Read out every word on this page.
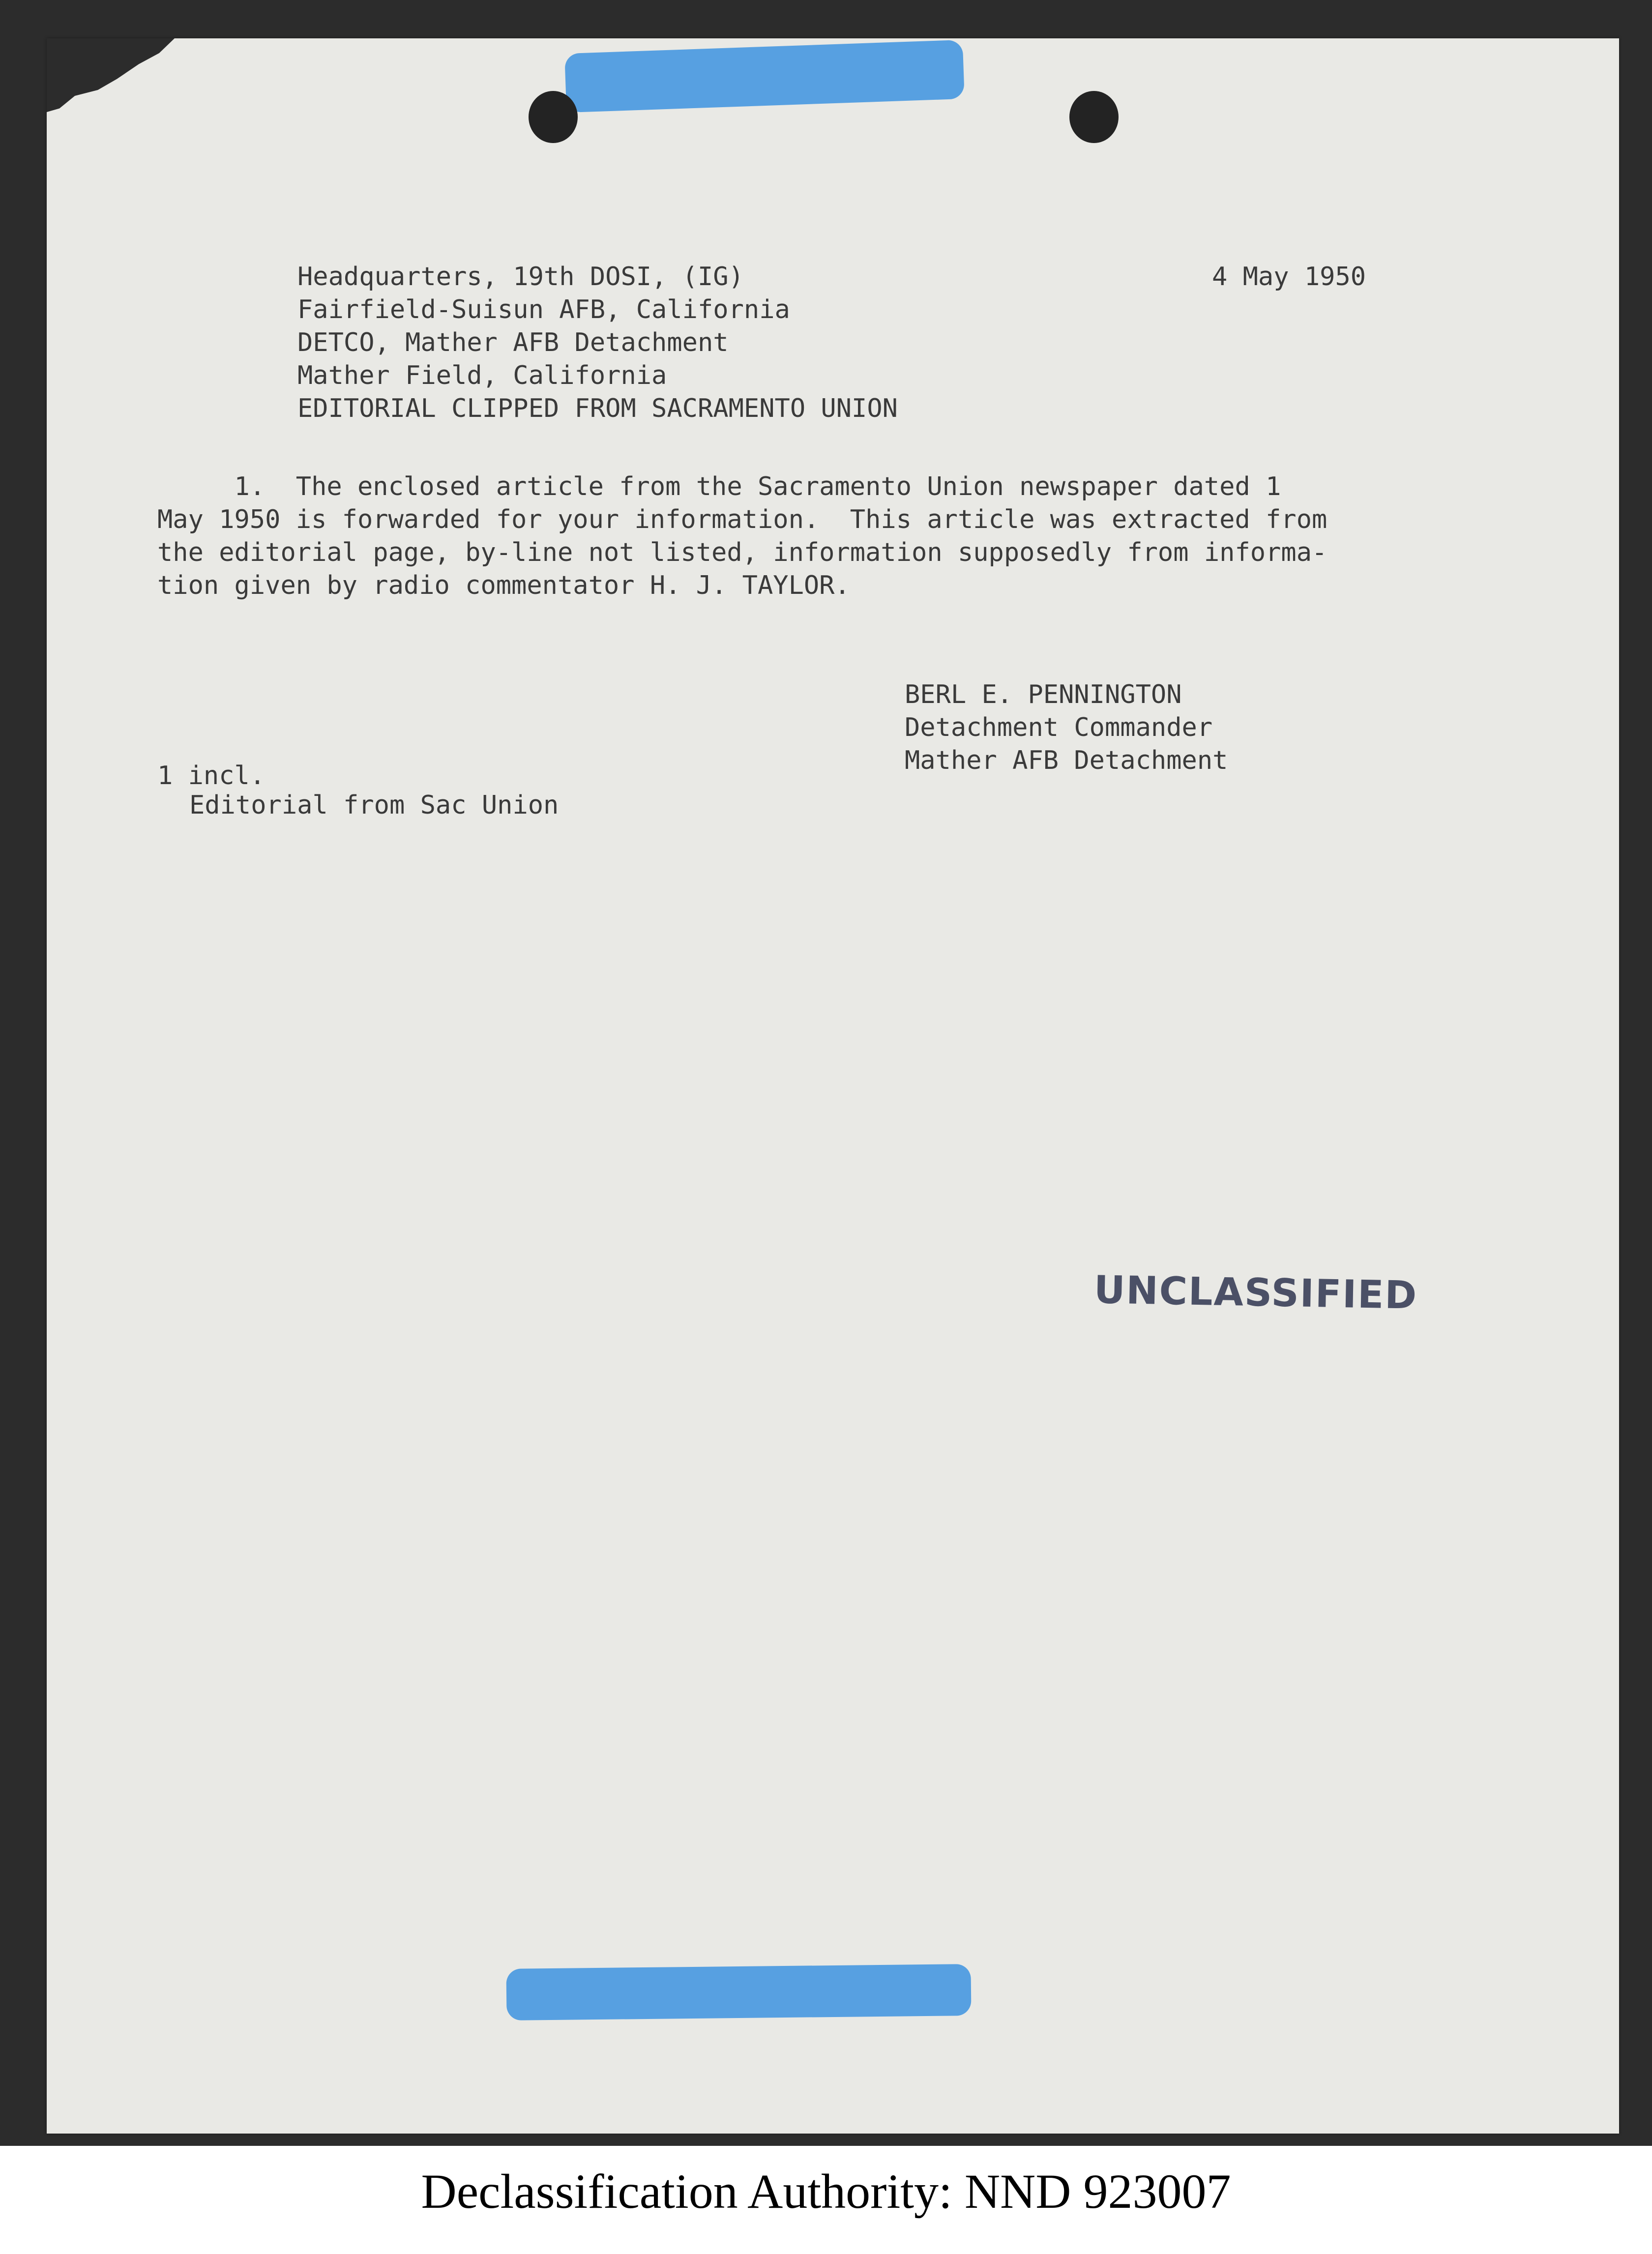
Headquarters, 19th DOSI, (IG)
Fairfield-Suisun AFB, California
DETCO, Mather AFB Detachment
Mather Field, California
EDITORIAL CLIPPED FROM SACRAMENTO UNION
4 May 1950
1.  The enclosed article from the Sacramento Union newspaper dated 1
May 1950 is forwarded for your information.  This article was extracted from
the editorial page, by-line not listed, information supposedly from informa-
tion given by radio commentator H. J. TAYLOR.
BERL E. PENNINGTON
Detachment Commander
Mather AFB Detachment
1 incl.
Editorial from Sac Union
UNCLASSIFIED
Declassification Authority: NND 923007
